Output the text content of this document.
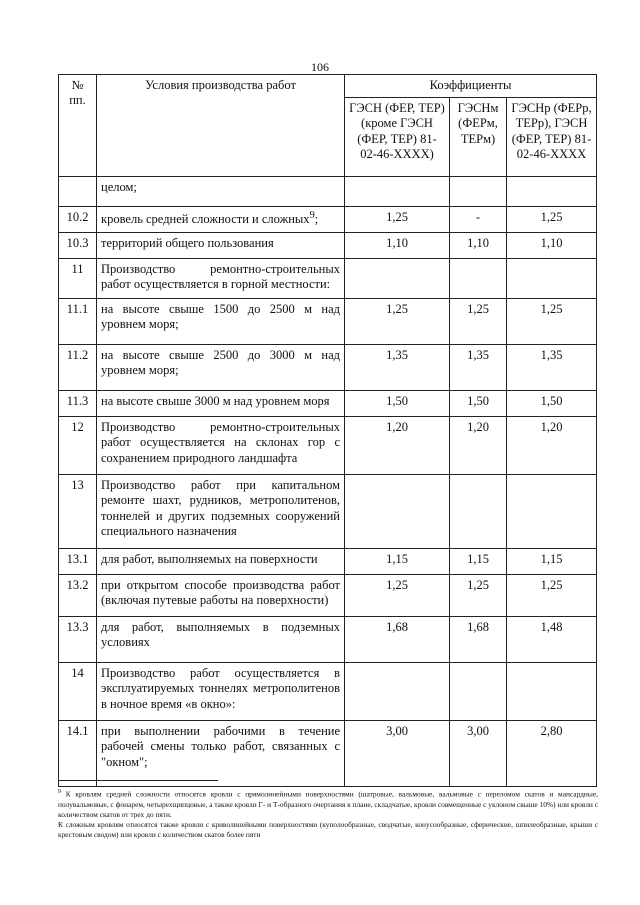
106
№ пп.	Условия производства работ	Коэффициенты		
		ГЭСН (ФЕР, ТЕР) (кроме ГЭСН (ФЕР, ТЕР) 81-02-46-ХХХХ)	ГЭСНм (ФЕРм, ТЕРм)	ГЭСНр (ФЕРр, ТЕРр), ГЭСН (ФЕР, ТЕР) 81-02-46-ХХХХ
	целом;			
10.2	кровель средней сложности и сложных$^9$;	1,25	-	1,25
10.3	территорий общего пользования	1,10	1,10	1,10
11	Производство ремонтно-строительных работ осуществляется в горной местности:			
11.1	на высоте свыше 1500 до 2500 м над уровнем моря;	1,25	1,25	1,25
11.2	на высоте свыше 2500 до 3000 м над уровнем моря;	1,35	1,35	1,35
11.3	на высоте свыше 3000 м над уровнем моря	1,50	1,50	1,50
12	Производство ремонтно-строительных работ осуществляется на склонах гор с сохранением природного ландшафта	1,20	1,20	1,20
13	Производство работ при капитальном ремонте шахт, рудников, метрополитенов, тоннелей и других подземных сооружений специального назначения			
13.1	для работ, выполняемых на поверхности	1,15	1,15	1,15
13.2	при открытом способе производства работ (включая путевые работы на поверхности)	1,25	1,25	1,25
13.3	для работ, выполняемых в подземных условиях	1,68	1,68	1,48
14	Производство работ осуществляется в эксплуатируемых тоннелях метрополитенов в ночное время «в окно»:			
14.1	при выполнении рабочими в течение рабочей смены только работ, связанных с "окном";	3,00	3,00	2,80

$^9$ К кровлям средней сложности относятся кровли с прямолинейными поверхностями (шатровые, вальмовые, вальмовые с переломом скатов и мансардные, полувальмовые, с фонарем, четырехщипцовые, а также кровли Г- и Т-образного очертания в плане, складчатые, кровли совмещенные с уклоном свыше 10%) или кровли с количеством скатов от трех до пяти.

К сложным кровлям относятся также кровли с криволинейными поверхностями (куполообразные, сводчатые, конусообразные, сферические, шпилеобразные, крыши с крестовым сводом) или кровли с количеством скатов более пяти
